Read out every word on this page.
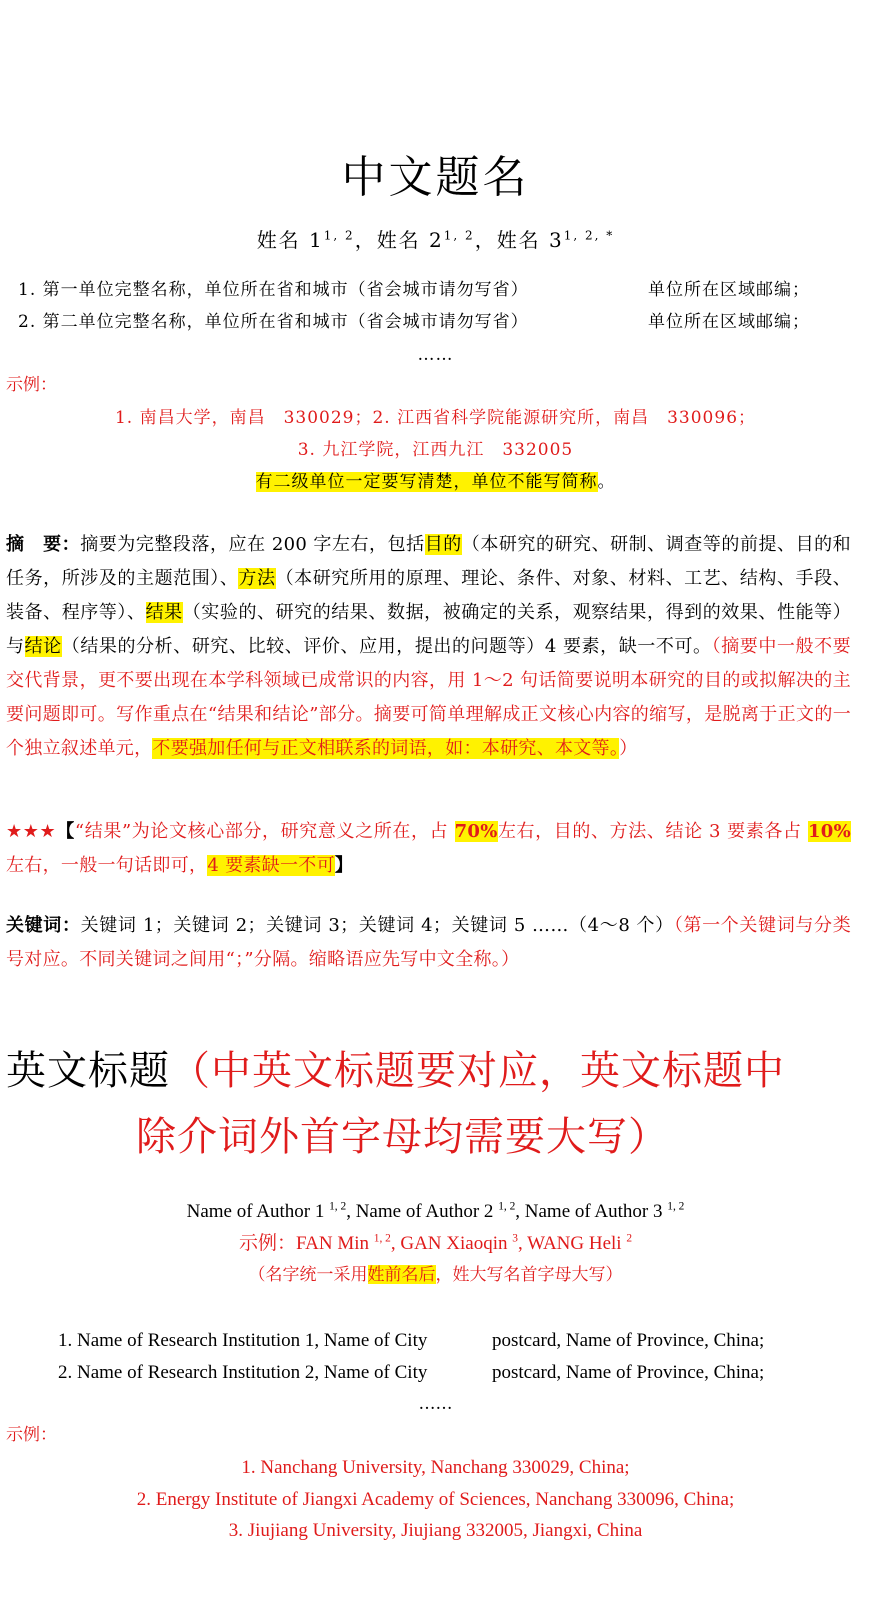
中文题名
姓名 1$^{1, 2}$，姓名 2$^{1, 2}$，姓名 $3^{1, 2, *}$
1. 第一单位完整名称，单位所在省和城市（省会城市请勿写省）	单位所在区域邮编；
2. 第二单位完整名称，单位所在省和城市（省会城市请勿写省）	单位所在区域邮编；
……
示例：
1. 南昌大学，南昌　330029；2. 江西省科学院能源研究所，南昌　330096；
3. 九江学院，江西九江　332005
有二级单位一定要写清楚，单位不能写简称。
摘　要：摘要为完整段落，应在 200 字左右，包括目的（本研究的研究、研制、调查等的前提、目的和任务，所涉及的主题范围）、方法（本研究所用的原理、理论、条件、对象、材料、工艺、结构、手段、装备、程序等）、结果（实验的、研究的结果、数据，被确定的关系，观察结果，得到的效果、性能等）与结论（结果的分析、研究、比较、评价、应用，提出的问题等）4 要素，缺一不可。（摘要中一般不要交代背景，更不要出现在本学科领域已成常识的内容，用 1～2 句话简要说明本研究的目的或拟解决的主要问题即可。写作重点在“结果和结论”部分。摘要可简单理解成正文核心内容的缩写，是脱离于正文的一个独立叙述单元，不要强加任何与正文相联系的词语，如：本研究、本文等。）
★★★【“结果”为论文核心部分，研究意义之所在，占 70%左右，目的、方法、结论 3 要素各占 10%左右，一般一句话即可，4 要素缺一不可】
关键词：关键词 1；关键词 2；关键词 3；关键词 4；关键词 5 ……（4～8 个）（第一个关键词与分类号对应。不同关键词之间用“；”分隔。缩略语应先写中文全称。）
英文标题（中英文标题要对应，英文标题中
除介词外首字母均需要大写）
Name of Author 1 $^{1, 2}$, Name of Author 2 $^{1, 2}$, Name of Author 3 $^{1, 2}$
示例：FAN Min $^{1, 2}$, GAN Xiaoqin $^3$, WANG Heli $^2$
（名字统一采用姓前名后，姓大写名首字母大写）
1. Name of Research Institution 1, Name of City	postcard, Name of Province, China;
2. Name of Research Institution 2, Name of City	postcard, Name of Province, China;
……
示例：
1. Nanchang University, Nanchang 330029, China;
2. Energy Institute of Jiangxi Academy of Sciences, Nanchang 330096, China;
3. Jiujiang University, Jiujiang 332005, Jiangxi, China
